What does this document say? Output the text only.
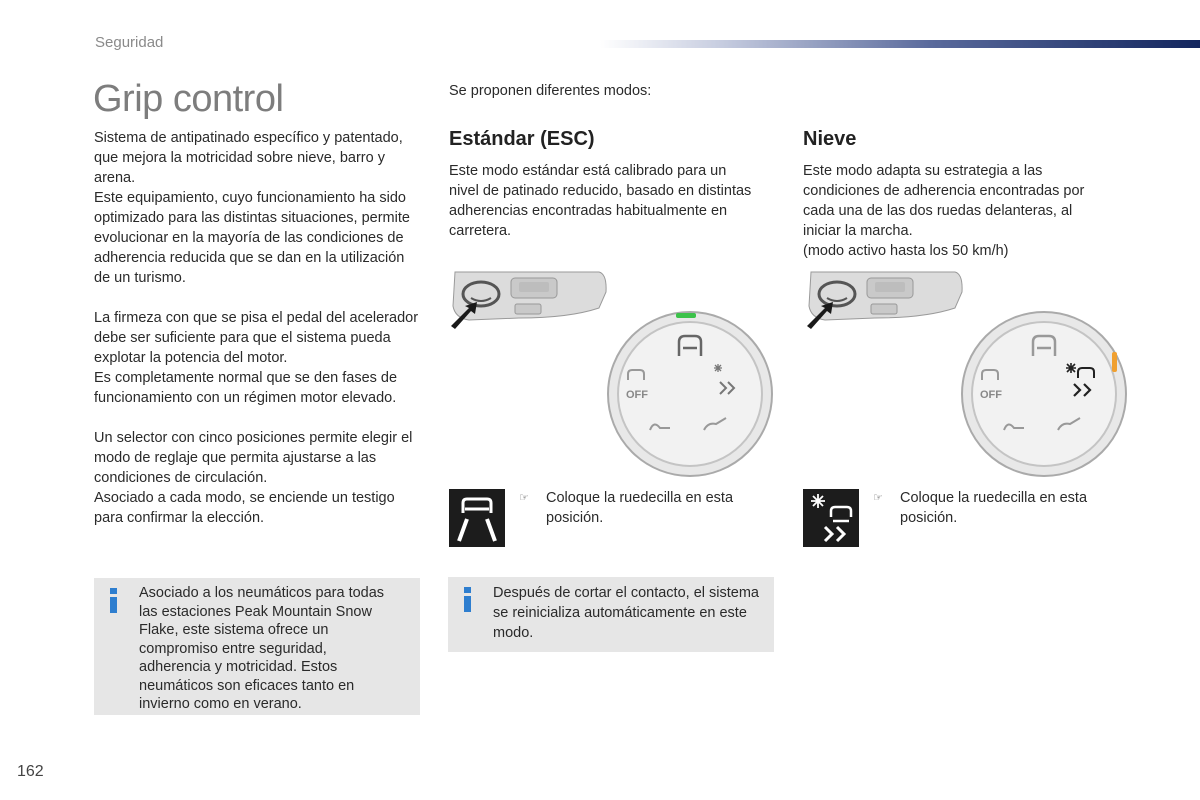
Seguridad
Grip control

Sistema de antipatinado específico y patentado, que mejora la motricidad sobre nieve, barro y arena.

Este equipamiento, cuyo funcionamiento ha sido optimizado para las distintas situaciones, permite evolucionar en la mayoría de las condiciones de adherencia reducida que se dan en la utilización de un turismo.

La firmeza con que se pisa el pedal del acelerador debe ser suficiente para que el sistema pueda explotar la potencia del motor.

Es completamente normal que se den fases de funcionamiento con un régimen motor elevado.

Un selector con cinco posiciones permite elegir el modo de reglaje que permita ajustarse a las condiciones de circulación.

Asociado a cada modo, se enciende un testigo para confirmar la elección.

Asociado a los neumáticos para todas las estaciones Peak Mountain Snow Flake, este sistema ofrece un compromiso entre seguridad, adherencia y motricidad. Estos neumáticos son eficaces tanto en invierno como en verano.
Se proponen diferentes modos:
Estándar (ESC)
Este modo estándar está calibrado para un nivel de patinado reducido, basado en distintas adherencias encontradas habitualmente en carretera.
OFF
☞ Coloque la ruedecilla en esta posición.
Después de cortar el contacto, el sistema se reinicializa automáticamente en este modo.
Nieve

Este modo adapta su estrategia a las condiciones de adherencia encontradas por cada una de las dos ruedas delanteras, al iniciar la marcha.

(modo activo hasta los 50 km/h)

OFF
☞ Coloque la ruedecilla en esta posición.
162
